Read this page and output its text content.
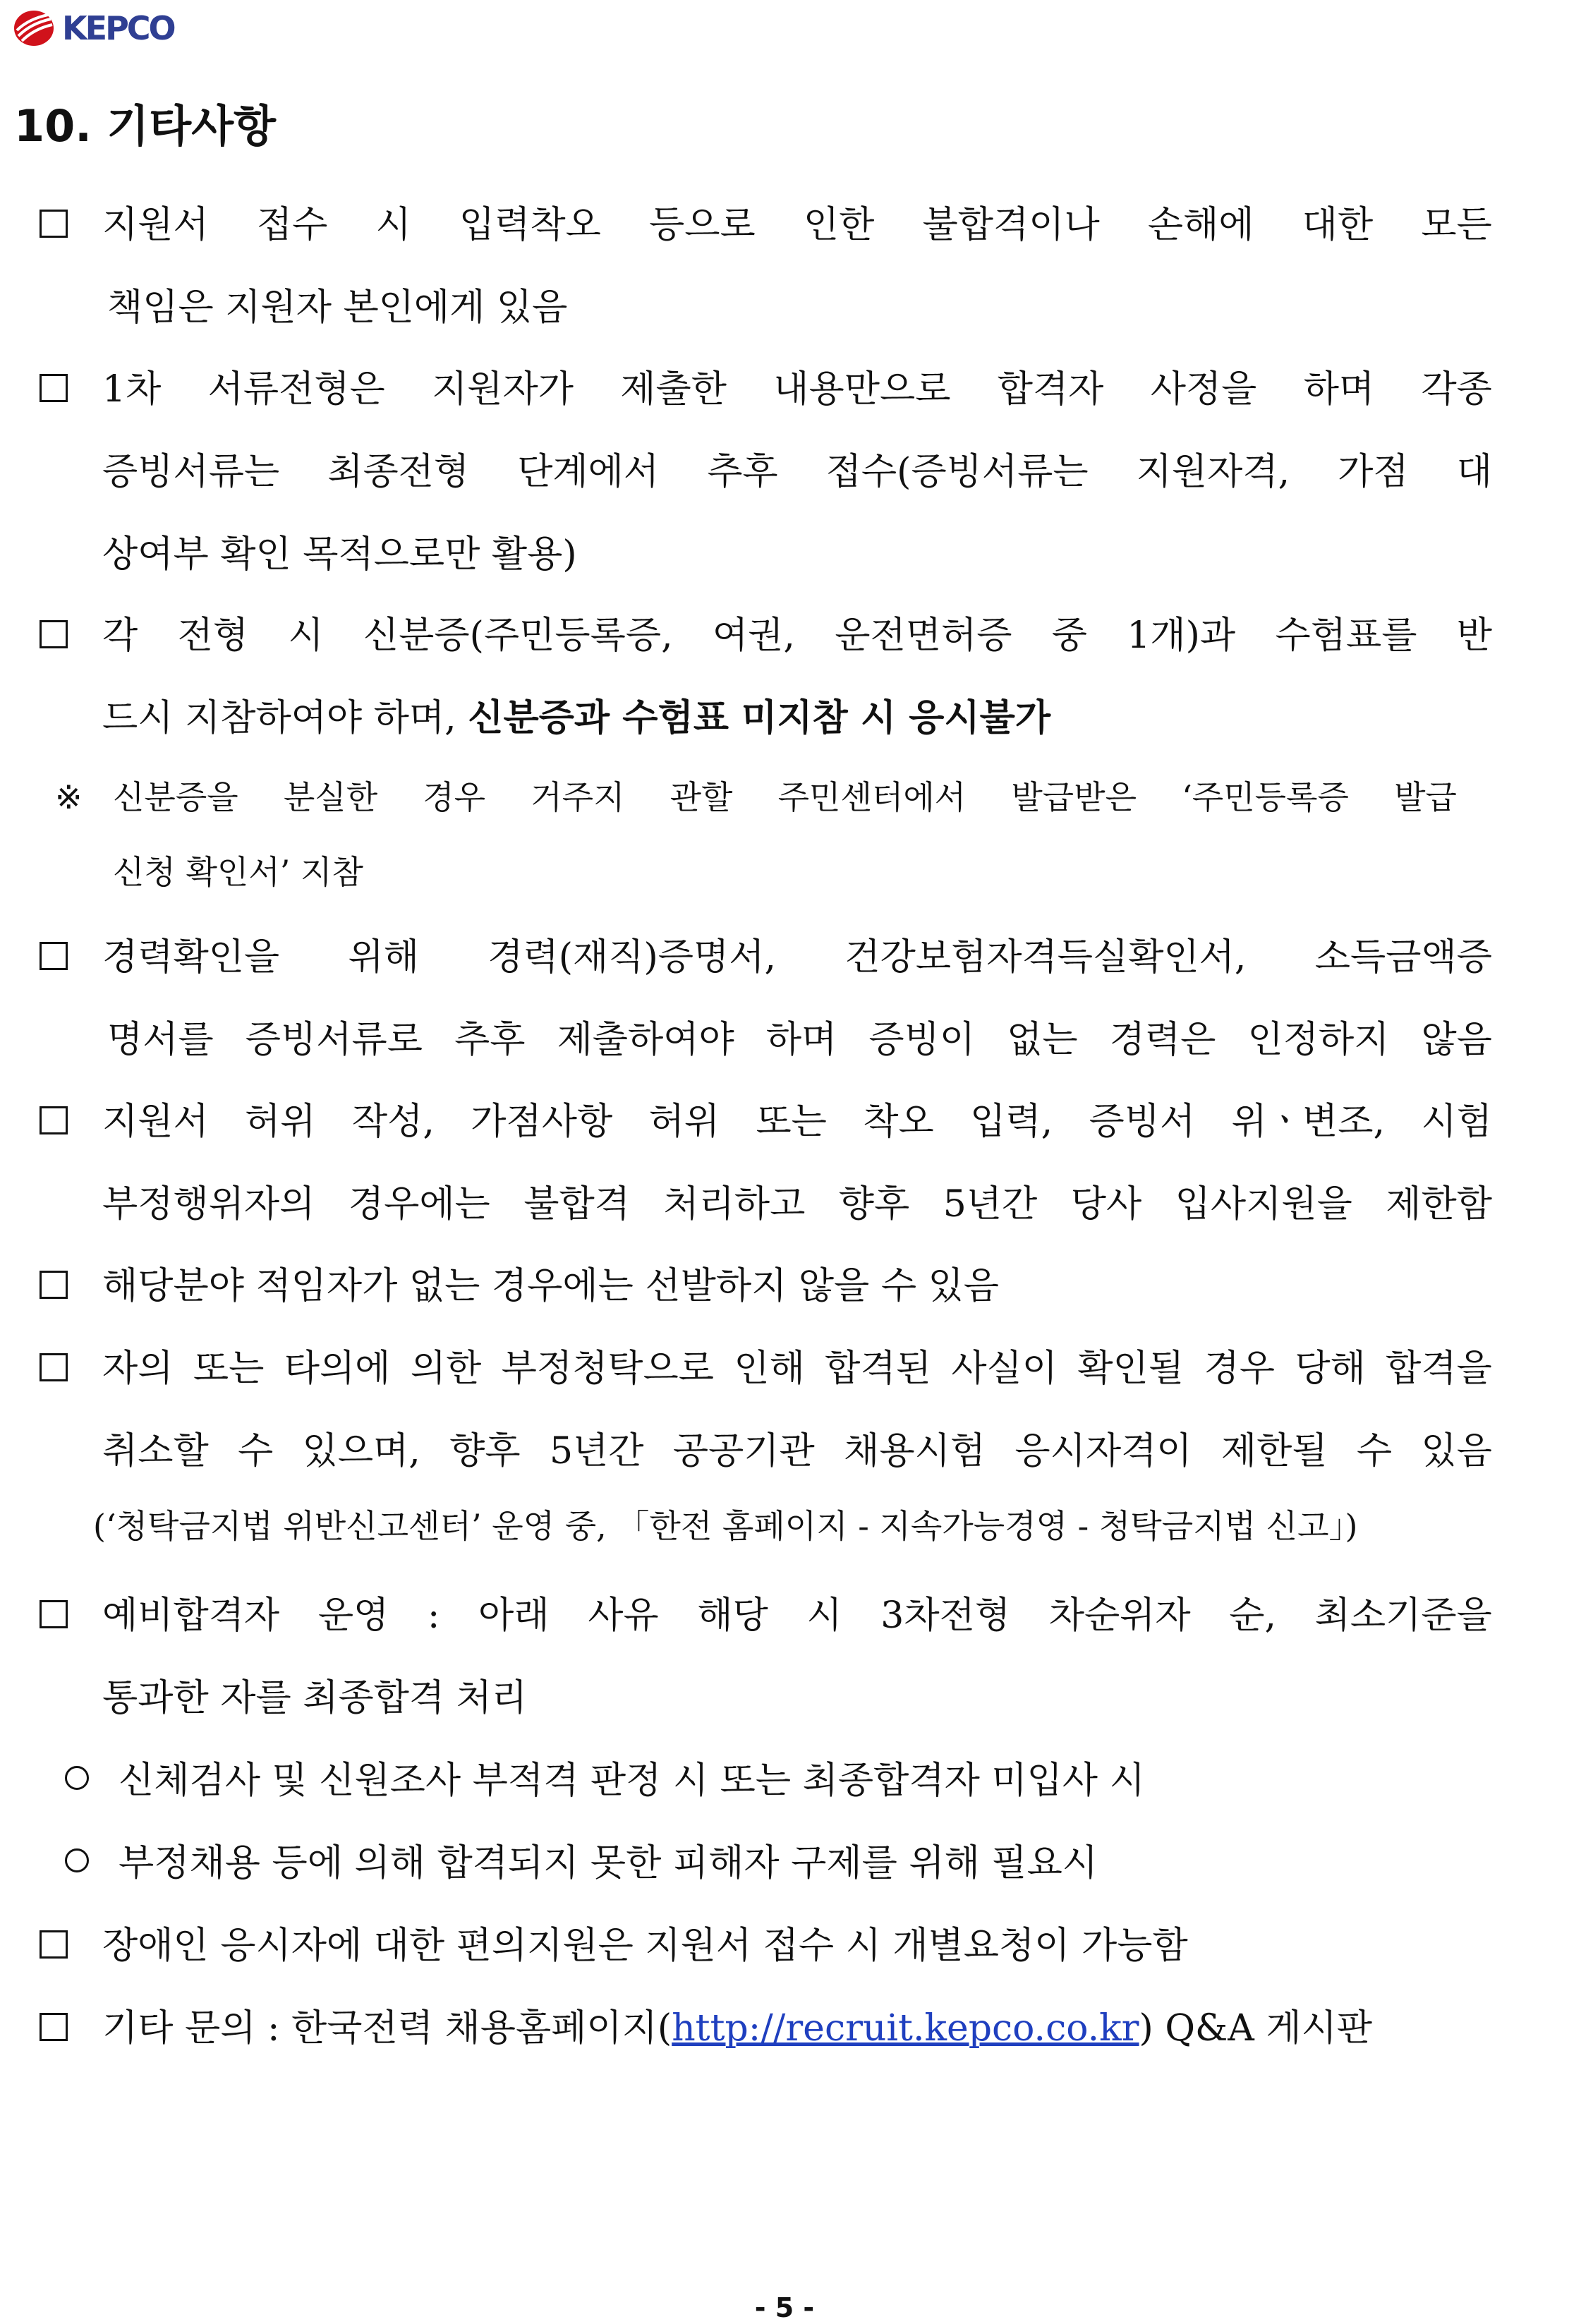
KEPCO
10. 기타사항
지원서 접수 시 입력착오 등으로 인한 불합격이나 손해에 대한 모든
책임은 지원자 본인에게 있음
1차 서류전형은 지원자가 제출한 내용만으로 합격자 사정을 하며 각종
증빙서류는 최종전형 단계에서 추후 접수(증빙서류는 지원자격, 가점 대
상여부 확인 목적으로만 활용)
각 전형 시 신분증(주민등록증, 여권, 운전면허증 중 1개)과 수험표를 반
드시 지참하여야 하며, 신분증과 수험표 미지참 시 응시불가
※ 신분증을 분실한 경우 거주지 관할 주민센터에서 발급받은 ‘주민등록증 발급
신청 확인서’ 지참
경력확인을 위해 경력(재직)증명서, 건강보험자격득실확인서, 소득금액증
명서를 증빙서류로 추후 제출하여야 하며 증빙이 없는 경력은 인정하지 않음
지원서 허위 작성, 가점사항 허위 또는 착오 입력, 증빙서 위ㆍ변조, 시험
부정행위자의 경우에는 불합격 처리하고 향후 5년간 당사 입사지원을 제한함
해당분야 적임자가 없는 경우에는 선발하지 않을 수 있음
자의 또는 타의에 의한 부정청탁으로 인해 합격된 사실이 확인될 경우 당해 합격을
취소할 수 있으며, 향후 5년간 공공기관 채용시험 응시자격이 제한될 수 있음
(‘청탁금지법 위반신고센터’ 운영 중, 「한전 홈페이지 - 지속가능경영 - 청탁금지법 신고」)
예비합격자 운영 : 아래 사유 해당 시 3차전형 차순위자 순, 최소기준을
통과한 자를 최종합격 처리
신체검사 및 신원조사 부적격 판정 시 또는 최종합격자 미입사 시
부정채용 등에 의해 합격되지 못한 피해자 구제를 위해 필요시
장애인 응시자에 대한 편의지원은 지원서 접수 시 개별요청이 가능함
기타 문의 : 한국전력 채용홈페이지(http://recruit.kepco.co.kr) Q&A 게시판
- 5 -
